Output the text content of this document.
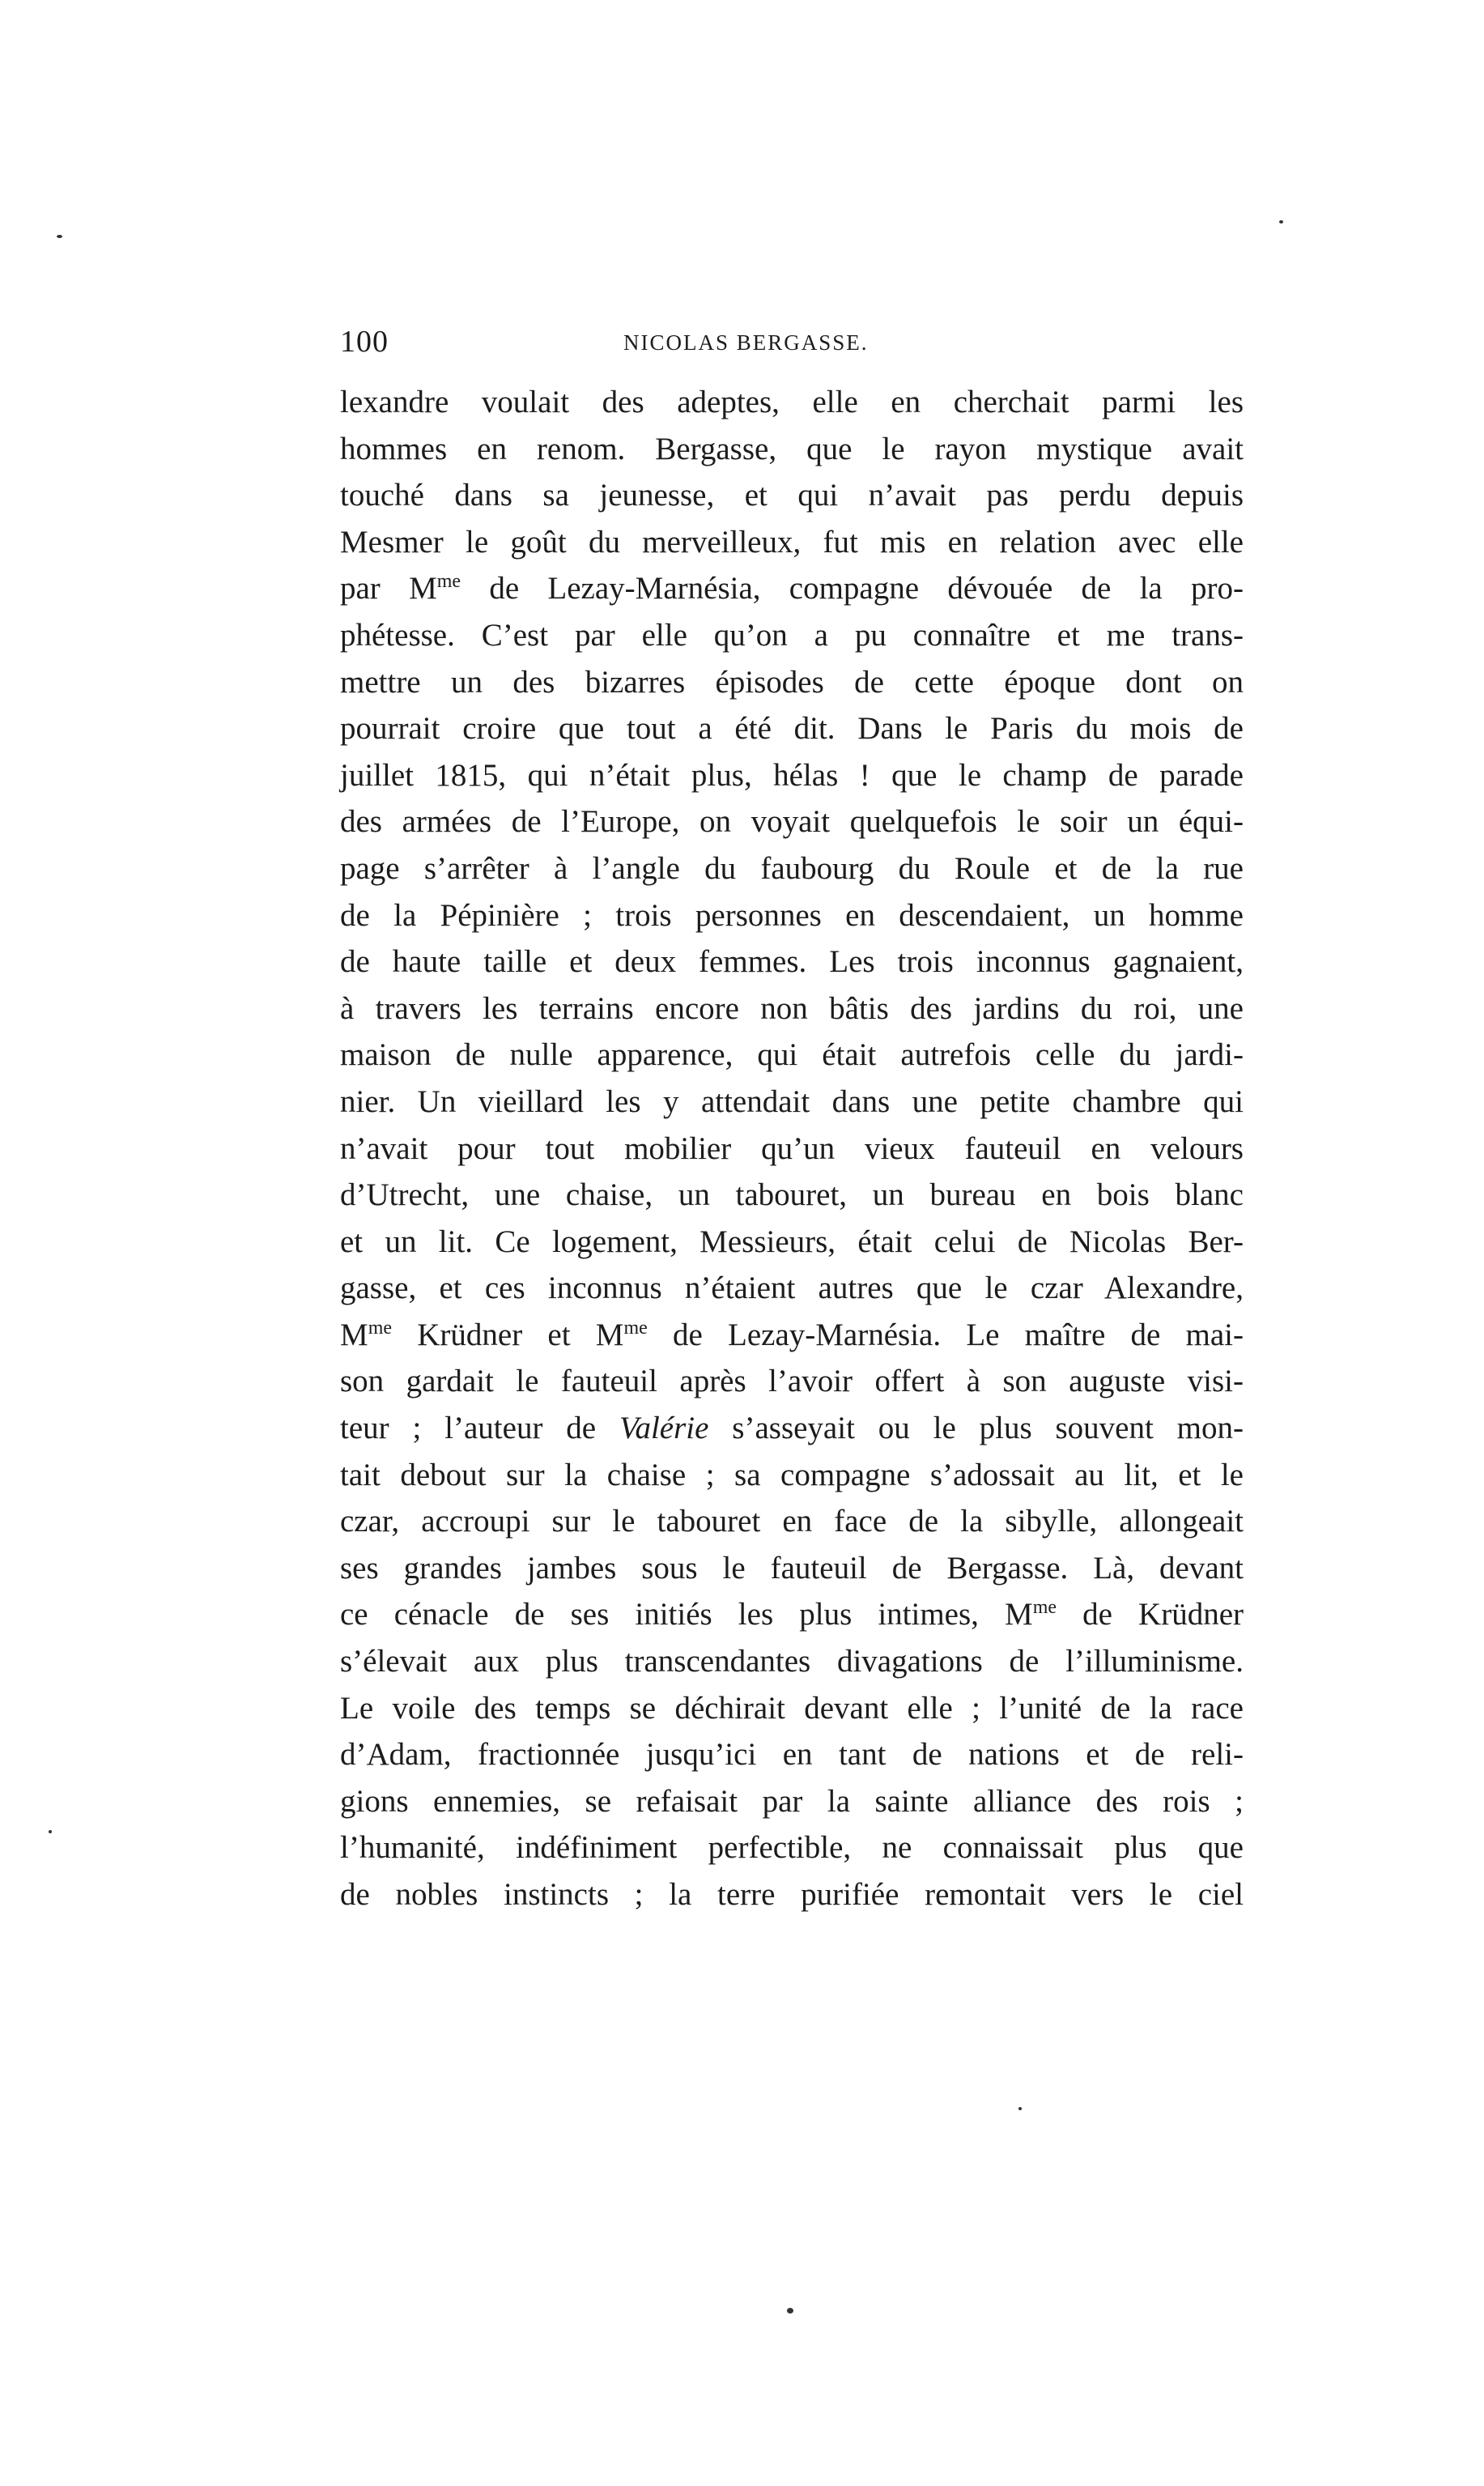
100	NICOLAS BERGASSE.
lexandre voulait des adeptes, elle en cherchait parmi les
hommes en renom. Bergasse, que le rayon mystique avait
touché dans sa jeunesse, et qui n’avait pas perdu depuis
Mesmer le goût du merveilleux, fut mis en relation avec elle
par $M^{me}$ de Lezay-Marnésia, compagne dévouée de la pro-
phétesse. C’est par elle qu’on a pu connaître et me trans-
mettre un des bizarres épisodes de cette époque dont on
pourrait croire que tout a été dit. Dans le Paris du mois de
juillet 1815, qui n’était plus, hélas ! que le champ de parade
des armées de l’Europe, on voyait quelquefois le soir un équi-
page s’arrêter à l’angle du faubourg du Roule et de la rue
de la Pépinière ; trois personnes en descendaient, un homme
de haute taille et deux femmes. Les trois inconnus gagnaient,
à travers les terrains encore non bâtis des jardins du roi, une
maison de nulle apparence, qui était autrefois celle du jardi-
nier. Un vieillard les y attendait dans une petite chambre qui
n’avait pour tout mobilier qu’un vieux fauteuil en velours
d’Utrecht, une chaise, un tabouret, un bureau en bois blanc
et un lit. Ce logement, Messieurs, était celui de Nicolas Ber-
gasse, et ces inconnus n’étaient autres que le czar Alexandre,
$M^{me}$ Krüdner et $M^{me}$ de Lezay-Marnésia. Le maître de mai-
son gardait le fauteuil après l’avoir offert à son auguste visi-
teur ; l’auteur de Valérie s’asseyait ou le plus souvent mon-
tait debout sur la chaise ; sa compagne s’adossait au lit, et le
czar, accroupi sur le tabouret en face de la sibylle, allongeait
ses grandes jambes sous le fauteuil de Bergasse. Là, devant
ce cénacle de ses initiés les plus intimes, $M^{me}$ de Krüdner
s’élevait aux plus transcendantes divagations de l’illuminisme.
Le voile des temps se déchirait devant elle ; l’unité de la race
d’Adam, fractionnée jusqu’ici en tant de nations et de reli-
gions ennemies, se refaisait par la sainte alliance des rois ;
l’humanité, indéfiniment perfectible, ne connaissait plus que
de nobles instincts ; la terre purifiée remontait vers le ciel
